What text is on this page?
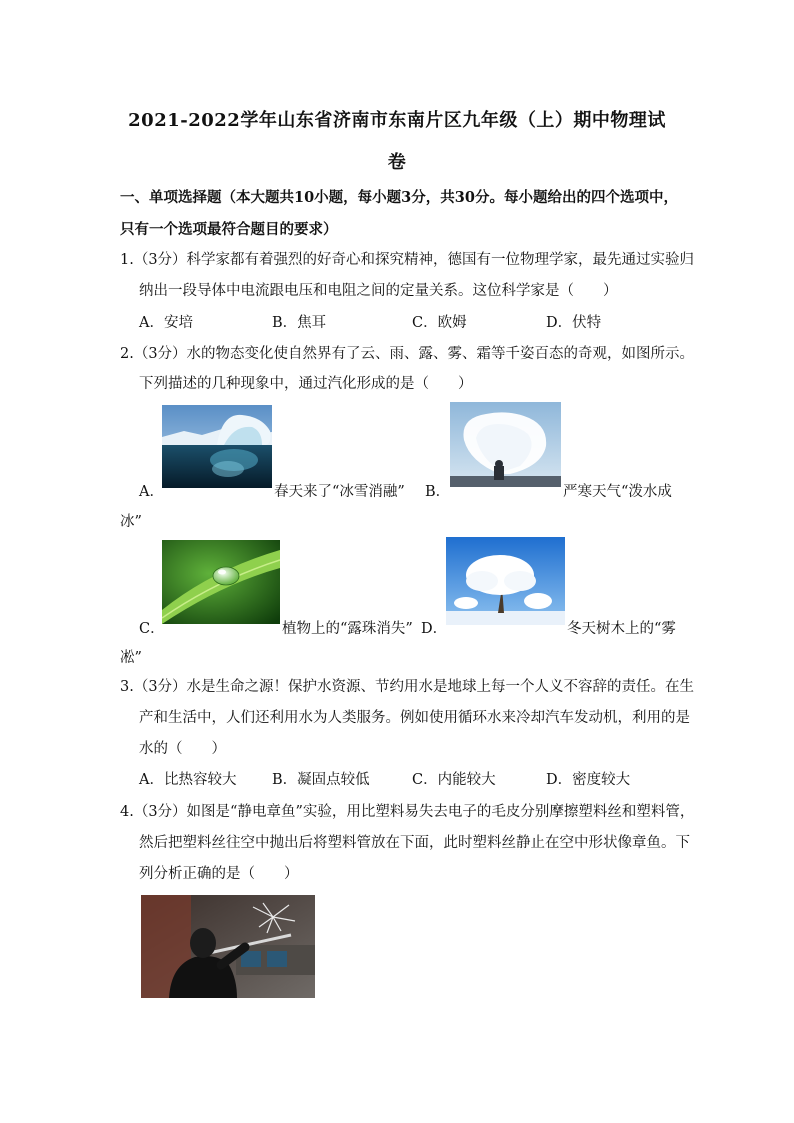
2021-2022学年山东省济南市东南片区九年级（上）期中物理试
卷
一、单项选择题（本大题共10小题，每小题3分，共30分。每小题给出的四个选项中，
只有一个选项最符合题目的要求）
1.（3分）科学家都有着强烈的好奇心和探究精神，德国有一位物理学家，最先通过实验归
纳出一段导体中电流跟电压和电阻之间的定量关系。这位科学家是（　　）
A．安培	B．焦耳	C．欧姆	D．伏特
2.（3分）水的物态变化使自然界有了云、雨、露、雾、霜等千姿百态的奇观，如图所示。
下列描述的几种现象中，通过汽化形成的是（　　）
A．	春天来了“冰雪消融” B．	严寒天气“泼水成
冰”
C．	植物上的“露珠消失” D．	冬天树木上的“雾
凇”
3.（3分）水是生命之源！保护水资源、节约用水是地球上每一个人义不容辞的责任。在生
产和生活中，人们还利用水为人类服务。例如使用循环水来冷却汽车发动机，利用的是
水的（　　）
A．比热容较大 B．凝固点较低	C．内能较大	D．密度较大
4.（3分）如图是“静电章鱼”实验，用比塑料易失去电子的毛皮分别摩擦塑料丝和塑料管，
然后把塑料丝往空中抛出后将塑料管放在下面，此时塑料丝静止在空中形状像章鱼。下
列分析正确的是（　　）
